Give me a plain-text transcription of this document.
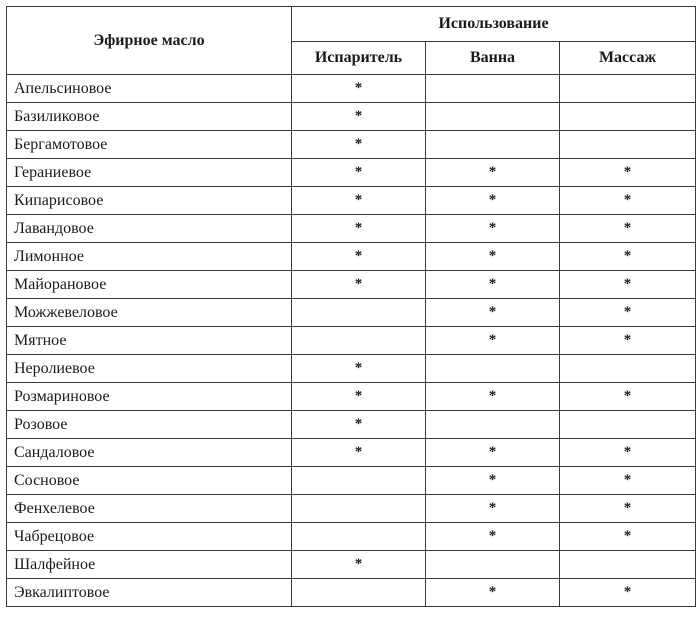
Эфирное масло	Использование		
	Испаритель	Ванна	Массаж
Апельсиновое	*		
Базиликовое	*		
Бергамотовое	*		
Гераниевое	*	*	*
Кипарисовое	*	*	*
Лавандовое	*	*	*
Лимонное	*	*	*
Майорановое	*	*	*
Можжевеловое		*	*
Мятное		*	*
Неролиевое	*		
Розмариновое	*	*	*
Розовое	*		
Сандаловое	*	*	*
Сосновое		*	*
Фенхелевое		*	*
Чабрецовое		*	*
Шалфейное	*		
Эвкалиптовое		*	*
